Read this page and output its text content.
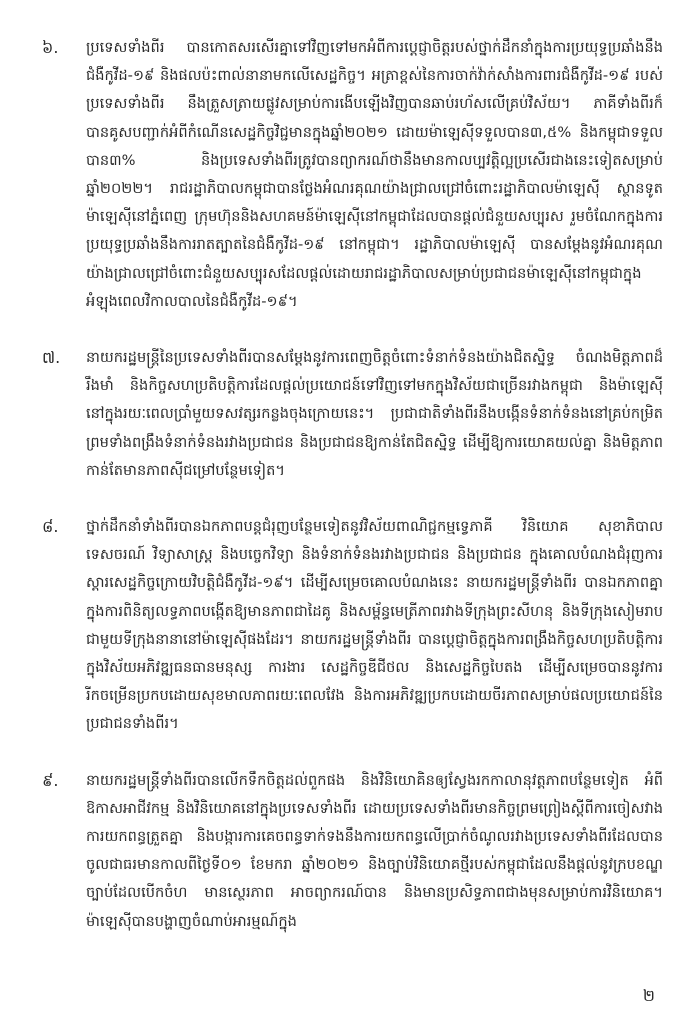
៦.	ប្រទេសទាំងពីរ បានកោតសរសើរគ្នាទៅវិញទៅមកអំពីការប្តេជ្ញាចិត្តរបស់ថ្នាក់ដឹកនាំក្នុងការប្រយុទ្ធប្រឆាំងនឹងជំងឺកូវីដ-១៩ និងផលប៉ះពាល់នានាមកលើសេដ្ឋកិច្ច។ អត្រាខ្ពស់នៃការចាក់វ៉ាក់សាំងការពារជំងឺកូវីដ-១៩ របស់ប្រទេសទាំងពីរ នឹងត្រួសត្រាយផ្លូវសម្រាប់ការងើបឡើងវិញបានឆាប់រហ័សលើគ្រប់វិស័យ។ ភាគីទាំងពីរក៏បានគូសបញ្ជាក់អំពីកំណើនសេដ្ឋកិច្ចវិជ្ជមានក្នុងឆ្នាំ២០២១ ដោយម៉ាឡេស៊ីទទួលបាន៣,៥% និងកម្ពុជាទទួលបាន៣% និងប្រទេសទាំងពីរត្រូវបានព្យាករណ៍ថានឹងមានកាលប្បវត្តិល្អប្រសើរជាងនេះទៀតសម្រាប់ឆ្នាំ២០២២។ រាជរដ្ឋាភិបាលកម្ពុជាបានថ្លែងអំណរគុណយ៉ាងជ្រាលជ្រៅចំពោះរដ្ឋាភិបាលម៉ាឡេស៊ី ស្ថានទូតម៉ាឡេស៊ីនៅភ្នំពេញ ក្រុមហ៊ុននិងសហគមន៍ម៉ាឡេស៊ីនៅកម្ពុជាដែលបានផ្តល់ជំនួយសប្បុរស រួមចំណែកក្នុងការប្រយុទ្ធប្រឆាំងនឹងការរាតត្បាតនៃជំងឺកូវីដ-១៩ នៅកម្ពុជា។ រដ្ឋាភិបាលម៉ាឡេស៊ី បានសម្តែងនូវអំណរគុណយ៉ាងជ្រាលជ្រៅចំពោះជំនួយសប្បុរសដែលផ្តល់ដោយរាជរដ្ឋាភិបាលសម្រាប់ប្រជាជនម៉ាឡេស៊ីនៅកម្ពុជាក្នុងអំឡុងពេលវិកាលបាលនៃជំងឺកូវីដ-១៩។
៧.	នាយករដ្ឋមន្ត្រីនៃប្រទេសទាំងពីរបានសម្តែងនូវការពេញចិត្តចំពោះទំនាក់ទំនងយ៉ាងជិតស្និទ្ធ ចំណងមិត្តភាពដ៏រឹងមាំ និងកិច្ចសហប្រតិបត្តិការដែលផ្តល់ប្រយោជន៍ទៅវិញទៅមកក្នុងវិស័យជាច្រើនរវាងកម្ពុជា និងម៉ាឡេស៊ី នៅក្នុងរយៈពេលប្រាំមួយទសវត្សរកន្លងចុងក្រោយនេះ។ ប្រជាជាតិទាំងពីរនឹងបង្កើនទំនាក់ទំនងនៅគ្រប់កម្រិត ព្រមទាំងពង្រឹងទំនាក់ទំនងរវាងប្រជាជន និងប្រជាជនឱ្យកាន់តែជិតស្និទ្ធ ដើម្បីឱ្យការយោគយល់គ្នា និងមិត្តភាពកាន់តែមានភាពស៊ីជម្រៅបន្ថែមទៀត។
៨.	ថ្នាក់ដឹកនាំទាំងពីរបានឯកភាពបន្តជំរុញបន្ថែមទៀតនូវវិស័យពាណិជ្ជកម្មទ្វេភាគី វិនិយោគ សុខាភិបាល ទេសចរណ៍ វិទ្យាសាស្ត្រ និងបច្ចេកវិទ្យា និងទំនាក់ទំនងរវាងប្រជាជន និងប្រជាជន ក្នុងគោលបំណងជំរុញការស្តារសេដ្ឋកិច្ចក្រោយវិបត្តិជំងឺកូវីដ-១៩។ ដើម្បីសម្រេចគោលបំណងនេះ នាយករដ្ឋមន្ត្រីទាំងពីរ បានឯកភាពគ្នាក្នុងការពិនិត្យលទ្ធភាពបង្កើតឱ្យមានភាពជាដៃគូ និងសម្ព័ន្ធមេត្រីភាពរវាងទីក្រុងព្រះសីហនុ និងទីក្រុងសៀមរាប ជាមួយទីក្រុងនានានៅម៉ាឡេស៊ីផងដែរ។ នាយករដ្ឋមន្ត្រីទាំងពីរ បានប្តេជ្ញាចិត្តក្នុងការពង្រឹងកិច្ចសហប្រតិបត្តិការក្នុងវិស័យអភិវឌ្ឍធនធានមនុស្ស ការងារ សេដ្ឋកិច្ចឌីជីថល និងសេដ្ឋកិច្ចបៃតង ដើម្បីសម្រេចបាននូវការរីកចម្រើនប្រកបដោយសុខមាលភាពរយៈពេលវែង និងការអភិវឌ្ឍប្រកបដោយចីរភាពសម្រាប់ផលប្រយោជន៍នៃប្រជាជនទាំងពីរ។
៩.	នាយករដ្ឋមន្ត្រីទាំងពីរបានលើកទឹកចិត្តដល់ពួកផង និងវិនិយោគិនឲ្យស្វែងរកកាលានុវត្តភាពបន្ថែមទៀត អំពីឱកាសអាជីវកម្ម និងវិនិយោគនៅក្នុងប្រទេសទាំងពីរ ដោយប្រទេសទាំងពីរមានកិច្ចព្រមព្រៀងស្តីពីការចៀសវាងការយកពន្ធត្រួតគ្នា និងបង្ការការគេចពន្ធទាក់ទងនឹងការយកពន្ធលើប្រាក់ចំណូលរវាងប្រទេសទាំងពីរដែលបានចូលជាធរមានកាលពីថ្ងៃទី០១ ខែមករា ឆ្នាំ២០២១ និងច្បាប់វិនិយោគថ្មីរបស់កម្ពុជាដែលនឹងផ្តល់នូវក្របខណ្ឌច្បាប់ដែលបើកចំហ មានស្ថេរភាព អាចព្យាករណ៍បាន និងមានប្រសិទ្ធភាពជាងមុនសម្រាប់ការវិនិយោគ។ ម៉ាឡេស៊ីបានបង្ហាញចំណាប់អារម្មណ៍ក្នុង
២
